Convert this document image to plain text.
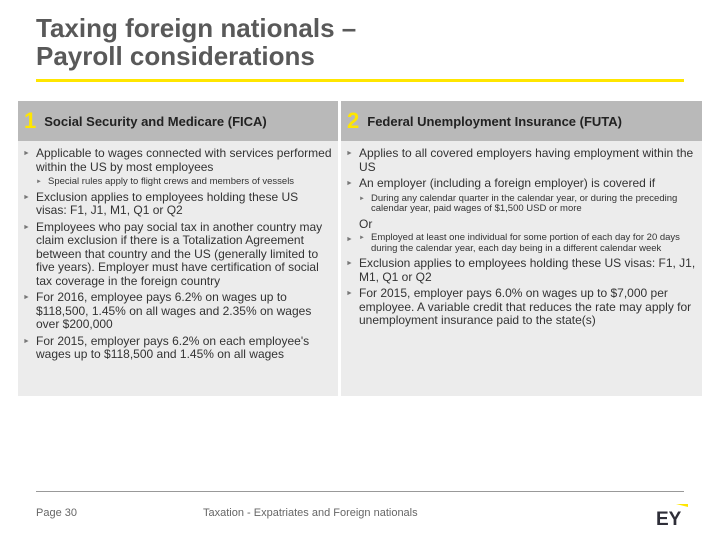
Taxing foreign nationals –
Payroll considerations
1 Social Security and Medicare (FICA)
► Applicable to wages connected with services performed within the US by most employees
► Special rules apply to flight crews and members of vessels
► Exclusion applies to employees holding these US visas: F1, J1, M1, Q1 or Q2
► Employees who pay social tax in another country may claim exclusion if there is a Totalization Agreement between that country and the US (generally limited to five years). Employer must have certification of social tax coverage in the foreign country
► For 2016, employee pays 6.2% on wages up to $118,500, 1.45% on all wages and 2.35% on wages over $200,000
► For 2015, employer pays 6.2% on each employee's wages up to $118,500 and 1.45% on all wages
2 Federal Unemployment Insurance (FUTA)
► Applies to all covered employers having employment within the US
► An employer (including a foreign employer) is covered if
► During any calendar quarter in the calendar year, or during the preceding calendar year, paid wages of $1,500 USD or more
Or
► ► Employed at least one individual for some portion of each day for 20 days during the calendar year, each day being in a different calendar week
► Exclusion applies to employees holding these US visas: F1, J1, M1, Q1 or Q2
► For 2015, employer pays 6.0% on wages up to $7,000 per employee. A variable credit that reduces the rate may apply for unemployment insurance paid to the state(s)
Page 30	Taxation - Expatriates and Foreign nationals	EY
